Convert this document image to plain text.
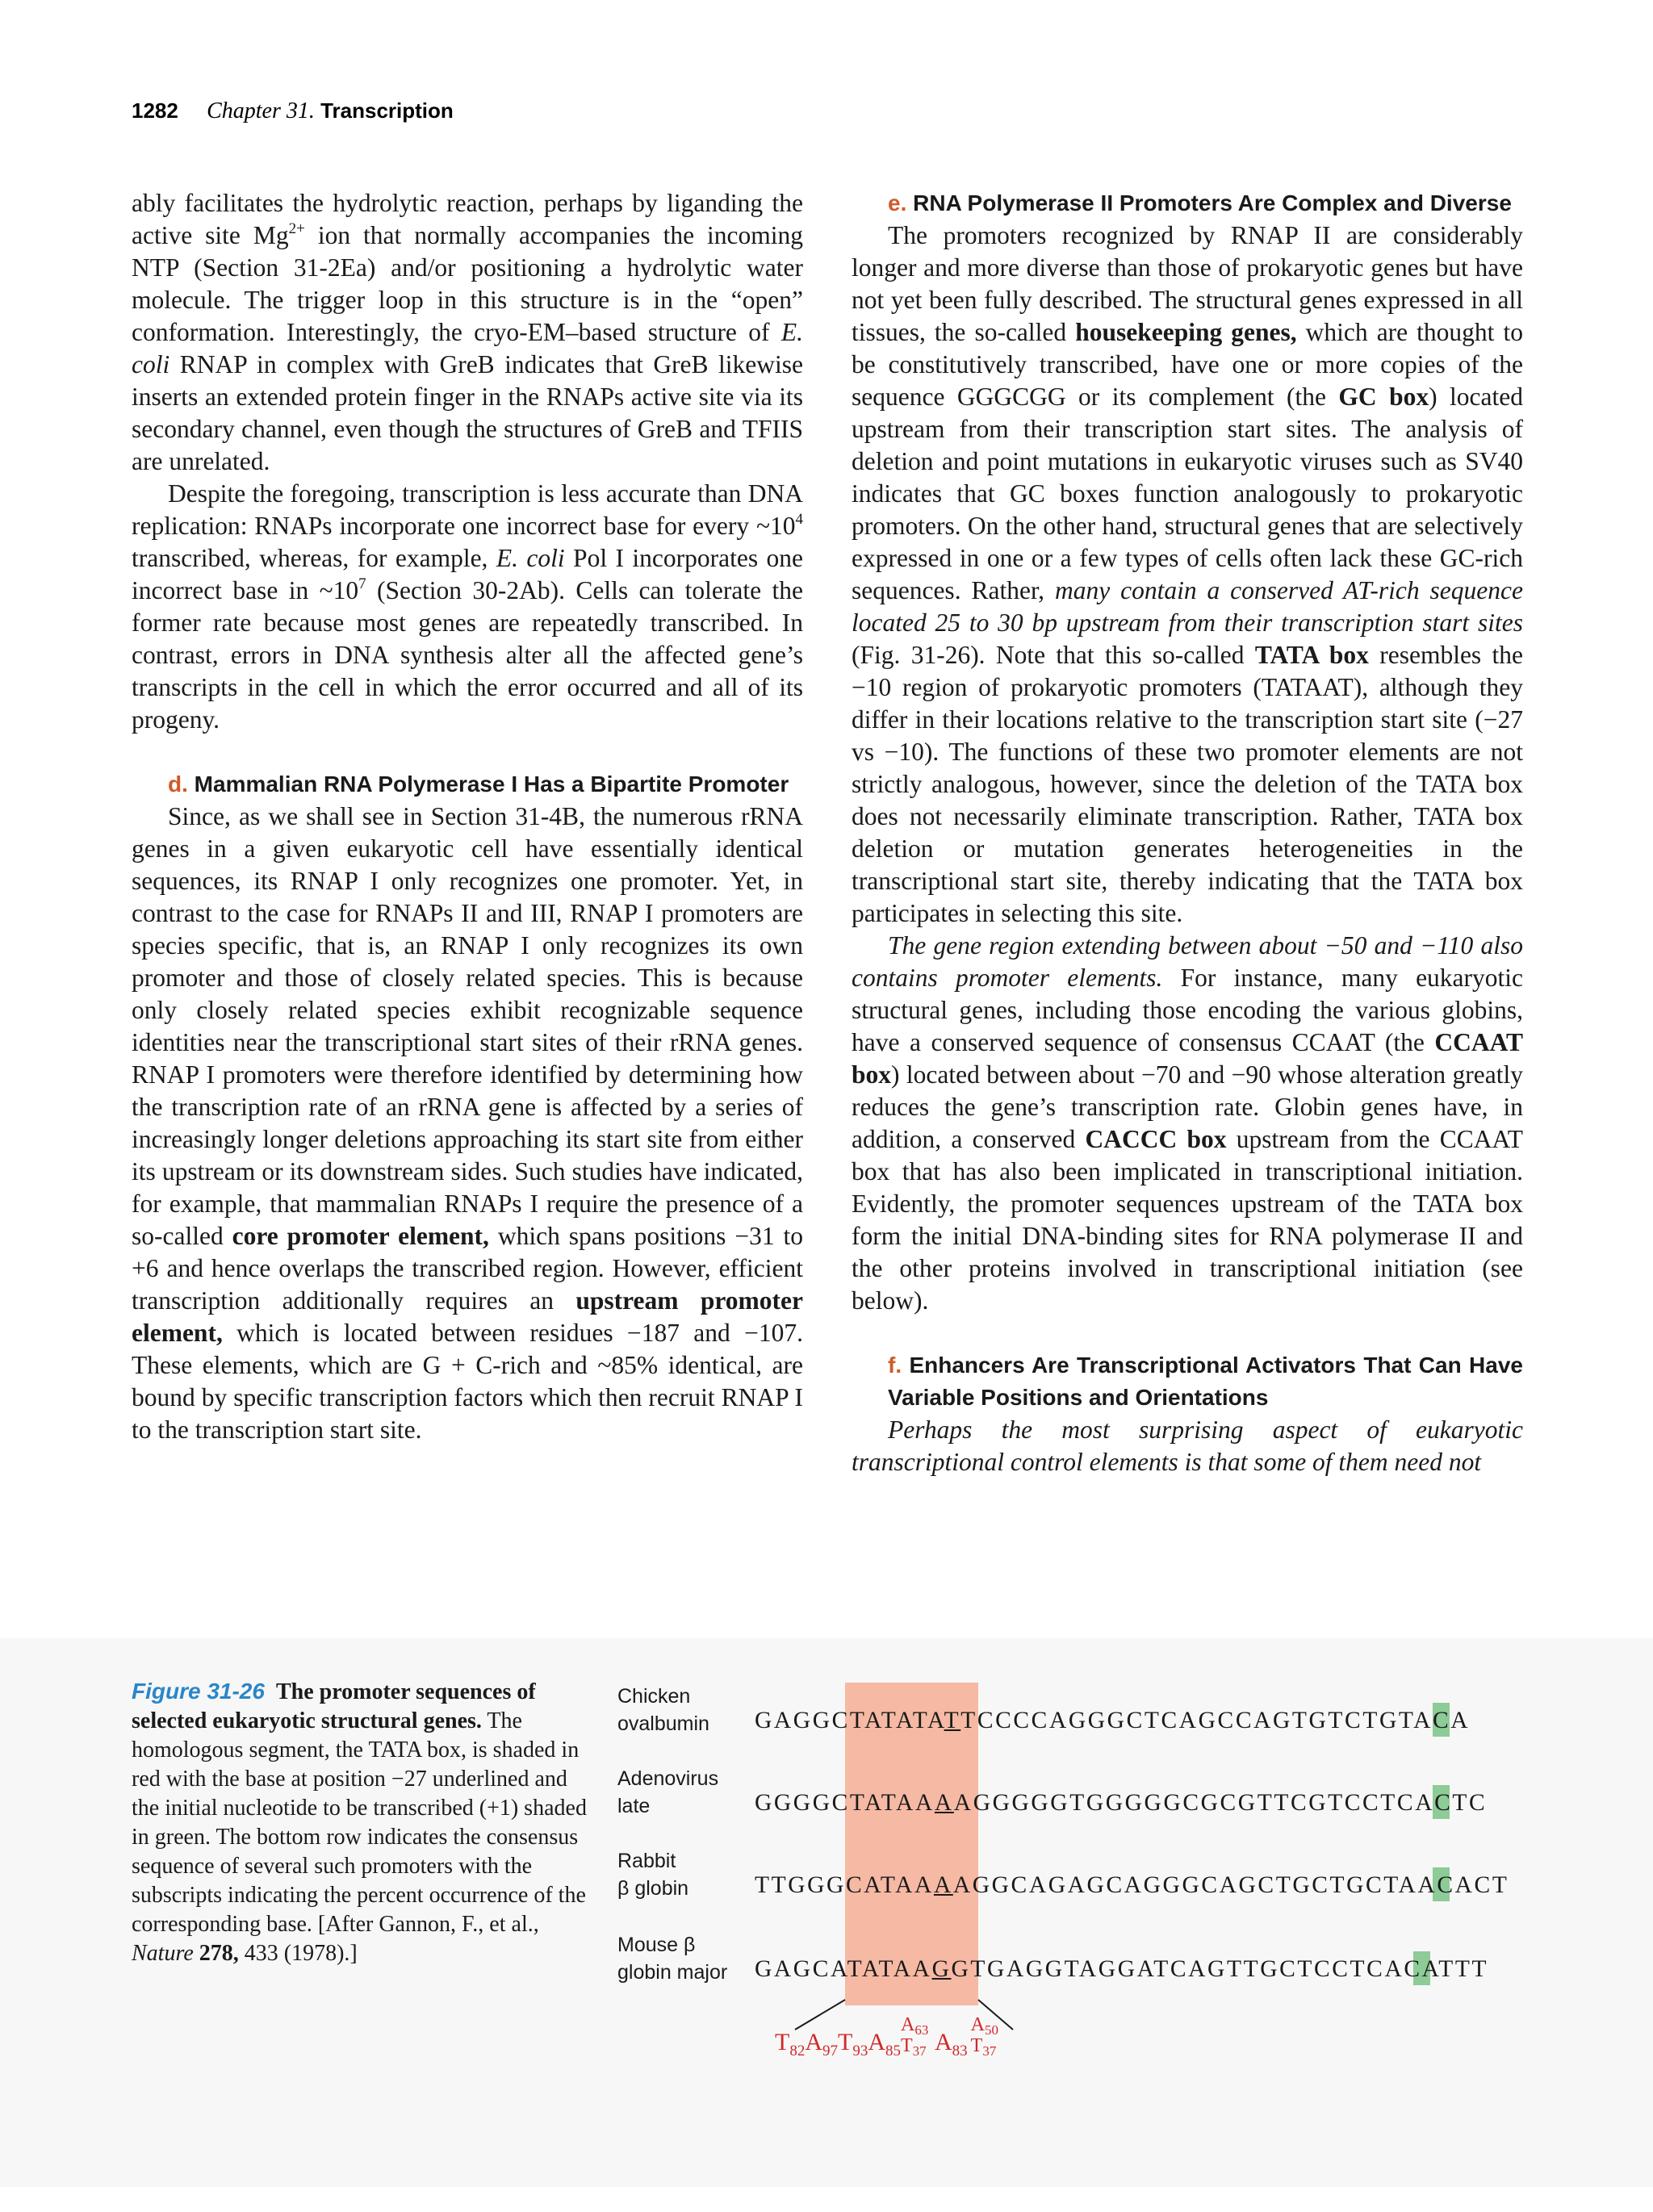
1282 Chapter 31. Transcription

ably facilitates the hydrolytic reaction, perhaps by liganding the active site $Mg^{2+}$ ion that normally accompanies the incoming NTP (Section 31-2Ea) and/or positioning a hydrolytic water molecule. The trigger loop in this structure is in the “open” conformation. Interestingly, the cryo-EM–based structure of E. coli RNAP in complex with GreB indicates that GreB likewise inserts an extended protein finger in the RNAPs active site via its secondary channel, even though the structures of GreB and TFIIS are unrelated.

Despite the foregoing, transcription is less accurate than DNA replication: RNAPs incorporate one incorrect base for every $\sim 10^4$ transcribed, whereas, for example, E. coli Pol I incorporates one incorrect base in $\sim 10^7$ (Section 30-2Ab). Cells can tolerate the former rate because most genes are repeatedly transcribed. In contrast, errors in DNA synthesis alter all the affected gene’s transcripts in the cell in which the error occurred and all of its progeny.

d. Mammalian RNA Polymerase I Has a Bipartite Promoter

Since, as we shall see in Section 31-4B, the numerous rRNA genes in a given eukaryotic cell have essentially identical sequences, its RNAP I only recognizes one promoter. Yet, in contrast to the case for RNAPs II and III, RNAP I promoters are species specific, that is, an RNAP I only recognizes its own promoter and those of closely related species. This is because only closely related species exhibit recognizable sequence identities near the transcriptional start sites of their rRNA genes. RNAP I promoters were therefore identified by determining how the transcription rate of an rRNA gene is affected by a series of increasingly longer deletions approaching its start site from either its upstream or its downstream sides. Such studies have indicated, for example, that mammalian RNAPs I require the presence of a so-called core promoter element, which spans positions −31 to +6 and hence overlaps the transcribed region. However, efficient transcription additionally requires an upstream promoter element, which is located between residues −187 and −107. These elements, which are G + C-rich and ~85% identical, are bound by specific transcription factors which then recruit RNAP I to the transcription start site.

e. RNA Polymerase II Promoters Are Complex and Diverse

The promoters recognized by RNAP II are considerably longer and more diverse than those of prokaryotic genes but have not yet been fully described. The structural genes expressed in all tissues, the so-called housekeeping genes, which are thought to be constitutively transcribed, have one or more copies of the sequence GGGCGG or its complement (the GC box) located upstream from their transcription start sites. The analysis of deletion and point mutations in eukaryotic viruses such as SV40 indicates that GC boxes function analogously to prokaryotic promoters. On the other hand, structural genes that are selectively expressed in one or a few types of cells often lack these GC-rich sequences. Rather, many contain a conserved AT-rich sequence located 25 to 30 bp upstream from their transcription start sites (Fig. 31-26). Note that this so-called TATA box resembles the −10 region of prokaryotic promoters (TATAAT), although they differ in their locations relative to the transcription start site (−27 vs −10). The functions of these two promoter elements are not strictly analogous, however, since the deletion of the TATA box does not necessarily eliminate transcription. Rather, TATA box deletion or mutation generates heterogeneities in the transcriptional start site, thereby indicating that the TATA box participates in selecting this site.

The gene region extending between about −50 and −110 also contains promoter elements. For instance, many eukaryotic structural genes, including those encoding the various globins, have a conserved sequence of consensus CCAAT (the CCAAT box) located between about −70 and −90 whose alteration greatly reduces the gene’s transcription rate. Globin genes have, in addition, a conserved CACCC box upstream from the CCAAT box that has also been implicated in transcriptional initiation. Evidently, the promoter sequences upstream of the TATA box form the initial DNA-binding sites for RNA polymerase II and the other proteins involved in transcriptional initiation (see below).

f. Enhancers Are Transcriptional Activators That Can Have Variable Positions and Orientations

Perhaps the most surprising aspect of eukaryotic transcriptional control elements is that some of them need not

Figure 31-26 The promoter sequences of selected eukaryotic structural genes. The homologous segment, the TATA box, is shaded in red with the base at position −27 underlined and the initial nucleotide to be transcribed (+1) shaded in green. The bottom row indicates the consensus sequence of several such promoters with the subscripts indicating the percent occurrence of the corresponding base. [After Gannon, F., et al., Nature 278, 433 (1978).]
Chicken
ovalbumin
Adenovirus
late
Rabbit
β globin
Mouse β
globin major
GAGGCTATATATTCCCCAGGGCTCAGCCAGTGTCTGTACA
GGGGCTATAAAAGGGGGTGGGGGCGCGTTCGTCCTCACTC
TTGGGCATAAAAGGCAGAGCAGGGCAGCTGCTGCTAACACT
GAGCATATAAGGTGAGGTAGGATCAGTTGCTCCTCACATTT
$T_{82}A_{97}T_{93}A_{85}$
$A_{63}$
$T_{37}$ $A_{83}$
$A_{50}$
$T_{37}$
